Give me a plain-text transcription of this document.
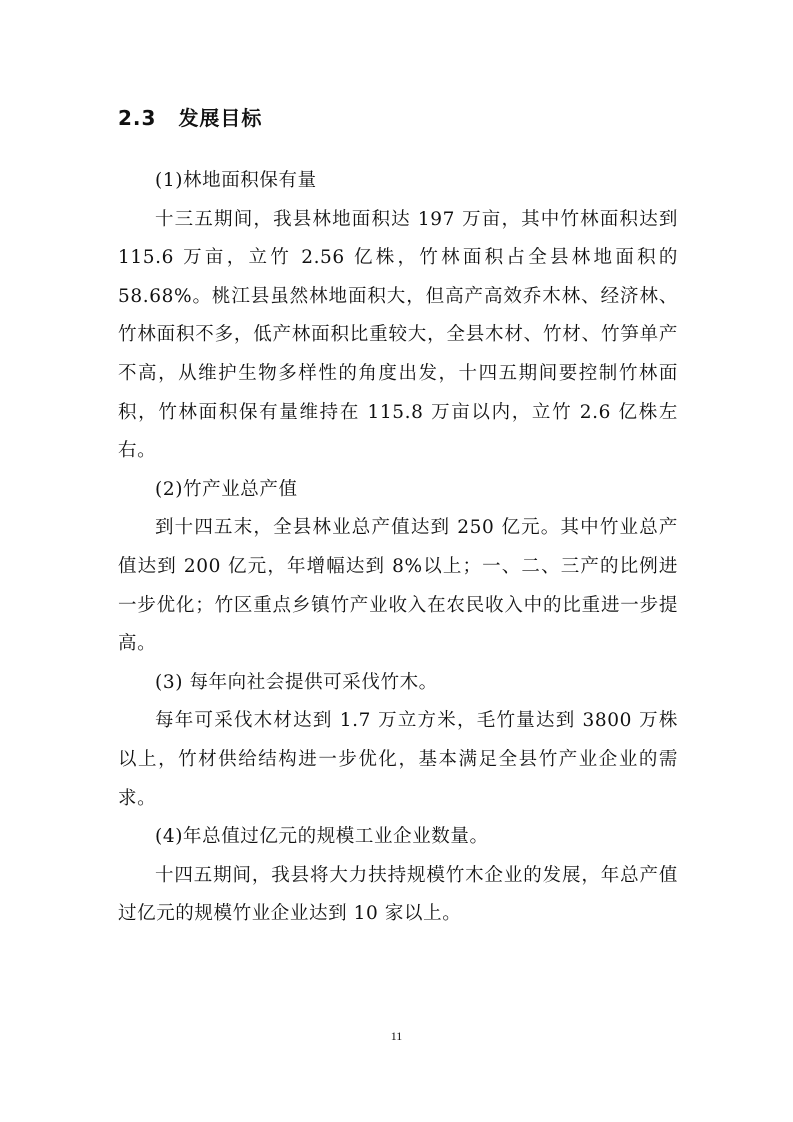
2.3 发展目标

(1)林地面积保有量

十三五期间，我县林地面积达 197 万亩，其中竹林面积达到 115.6 万亩，立竹 2.56 亿株，竹林面积占全县林地面积的 58.68%。桃江县虽然林地面积大，但高产高效乔木林、经济林、竹林面积不多，低产林面积比重较大，全县木材、竹材、竹笋单产不高，从维护生物多样性的角度出发，十四五期间要控制竹林面积，竹林面积保有量维持在 115.8 万亩以内，立竹 2.6 亿株左右。

(2)竹产业总产值

到十四五末，全县林业总产值达到 250 亿元。其中竹业总产值达到 200 亿元，年增幅达到 8%以上；一、二、三产的比例进一步优化；竹区重点乡镇竹产业收入在农民收入中的比重进一步提高。

(3) 每年向社会提供可采伐竹木。

每年可采伐木材达到 1.7 万立方米，毛竹量达到 3800 万株以上，竹材供给结构进一步优化，基本满足全县竹产业企业的需求。

(4)年总值过亿元的规模工业企业数量。

十四五期间，我县将大力扶持规模竹木企业的发展，年总产值过亿元的规模竹业企业达到 10 家以上。

11
